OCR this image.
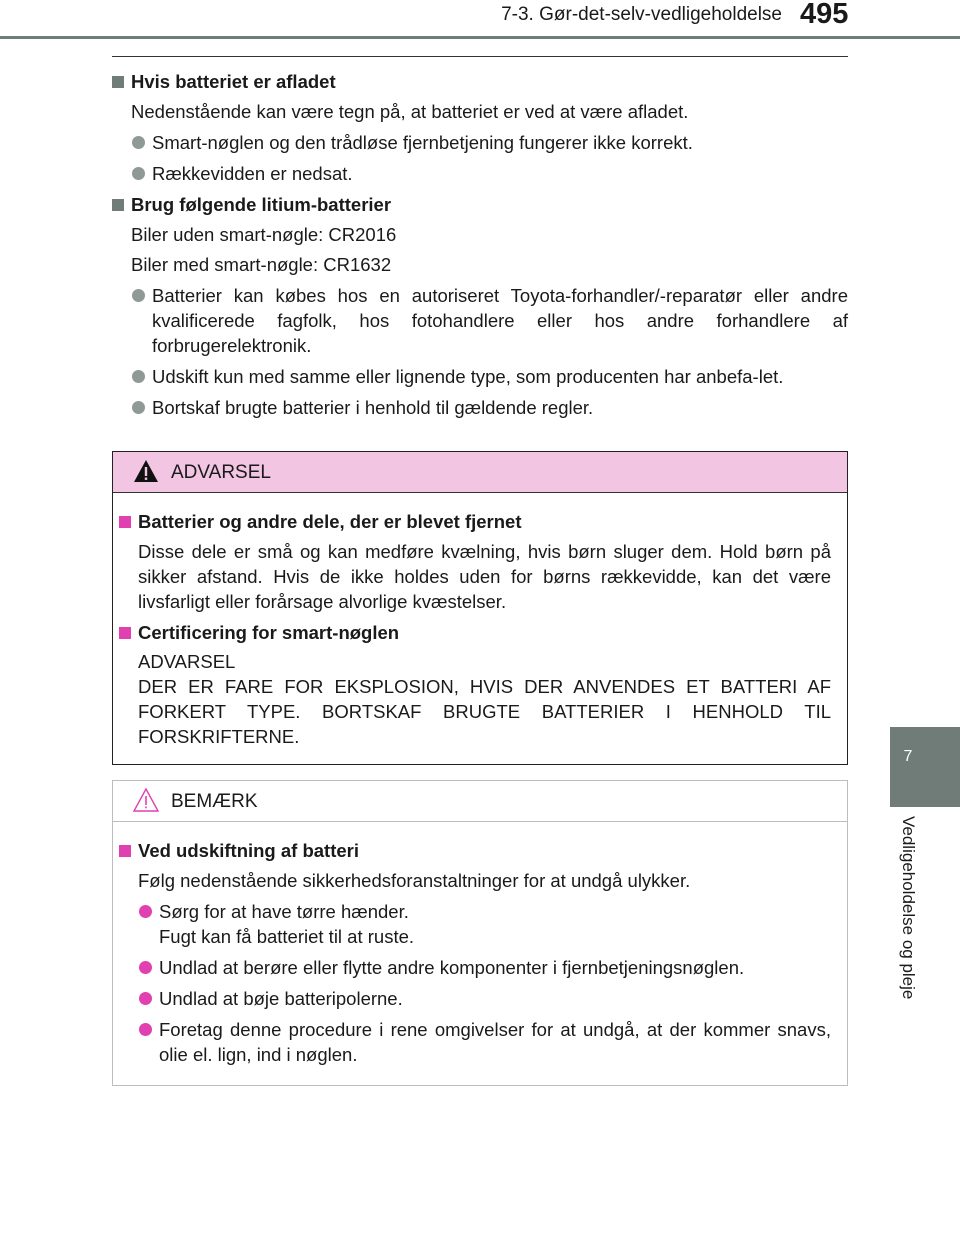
7-3. Gør-det-selv-vedligeholdelse 495
7
Vedligeholdelse og pleje
Hvis batteriet er afladet
Nedenstående kan være tegn på, at batteriet er ved at være afladet.
Smart-nøglen og den trådløse fjernbetjening fungerer ikke korrekt.
Rækkevidden er nedsat.
Brug følgende litium-batterier
Biler uden smart-nøgle: CR2016
Biler med smart-nøgle: CR1632
Batterier kan købes hos en autoriseret Toyota-forhandler/-reparatør eller andre kvalificerede fagfolk, hos fotohandlere eller hos andre forhandlere af forbrugerelektronik.
Udskift kun med samme eller lignende type, som producenten har anbefa-let.
Bortskaf brugte batterier i henhold til gældende regler.
ADVARSEL
Batterier og andre dele, der er blevet fjernet
Disse dele er små og kan medføre kvælning, hvis børn sluger dem. Hold børn på sikker afstand. Hvis de ikke holdes uden for børns rækkevidde, kan det være livsfarligt eller forårsage alvorlige kvæstelser.
Certificering for smart-nøglen
ADVARSEL
DER ER FARE FOR EKSPLOSION, HVIS DER ANVENDES ET BATTERI AF FORKERT TYPE. BORTSKAF BRUGTE BATTERIER I HENHOLD TIL FORSKRIFTERNE.
BEMÆRK
Ved udskiftning af batteri
Følg nedenstående sikkerhedsforanstaltninger for at undgå ulykker.
Sørg for at have tørre hænder.
Fugt kan få batteriet til at ruste.
Undlad at berøre eller flytte andre komponenter i fjernbetjeningsnøglen.
Undlad at bøje batteripolerne.
Foretag denne procedure i rene omgivelser for at undgå, at der kommer snavs, olie el. lign, ind i nøglen.
